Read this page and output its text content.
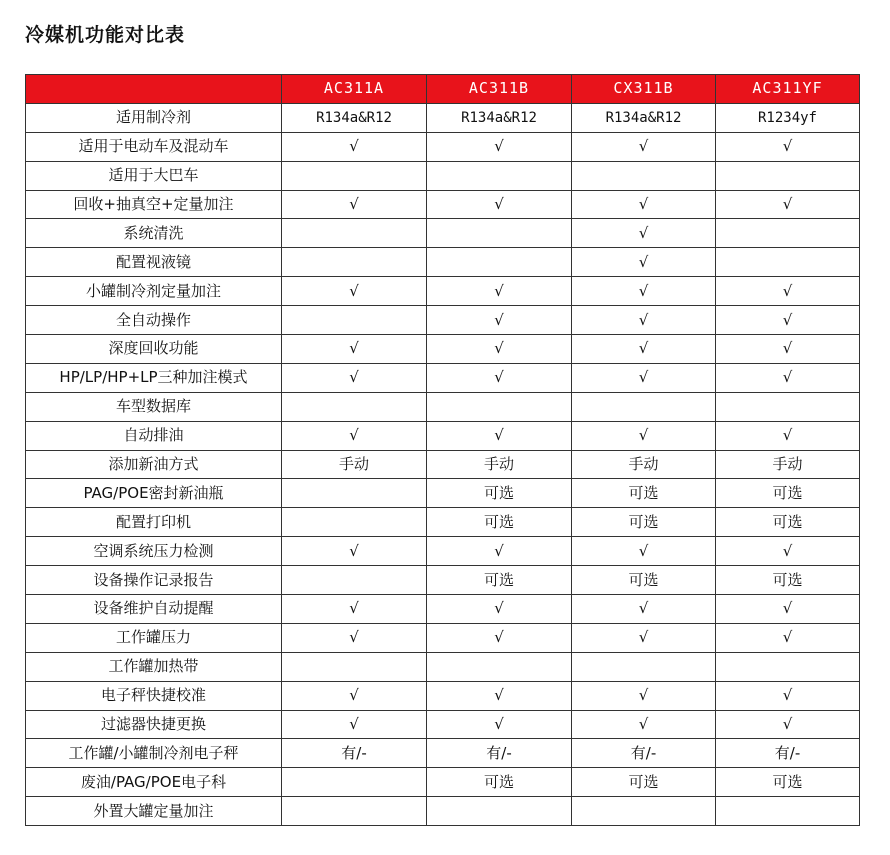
冷媒机功能对比表
	AC311A	AC311B	CX311B	AC311YF
适用制冷剂	R134a&R12	R134a&R12	R134a&R12	R1234yf
适用于电动车及混动车	√	√	√	√
适用于大巴车				
回收+抽真空+定量加注	√	√	√	√
系统清洗			√	
配置视液镜			√	
小罐制冷剂定量加注	√	√	√	√
全自动操作		√	√	√
深度回收功能	√	√	√	√
HP/LP/HP+LP三种加注模式	√	√	√	√
车型数据库				
自动排油	√	√	√	√
添加新油方式	手动	手动	手动	手动
PAG/POE密封新油瓶		可选	可选	可选
配置打印机		可选	可选	可选
空调系统压力检测	√	√	√	√
设备操作记录报告		可选	可选	可选
设备维护自动提醒	√	√	√	√
工作罐压力	√	√	√	√
工作罐加热带				
电子秤快捷校准	√	√	√	√
过滤器快捷更换	√	√	√	√
工作罐/小罐制冷剂电子秤	有/-	有/-	有/-	有/-
废油/PAG/POE电子科		可选	可选	可选
外置大罐定量加注				
